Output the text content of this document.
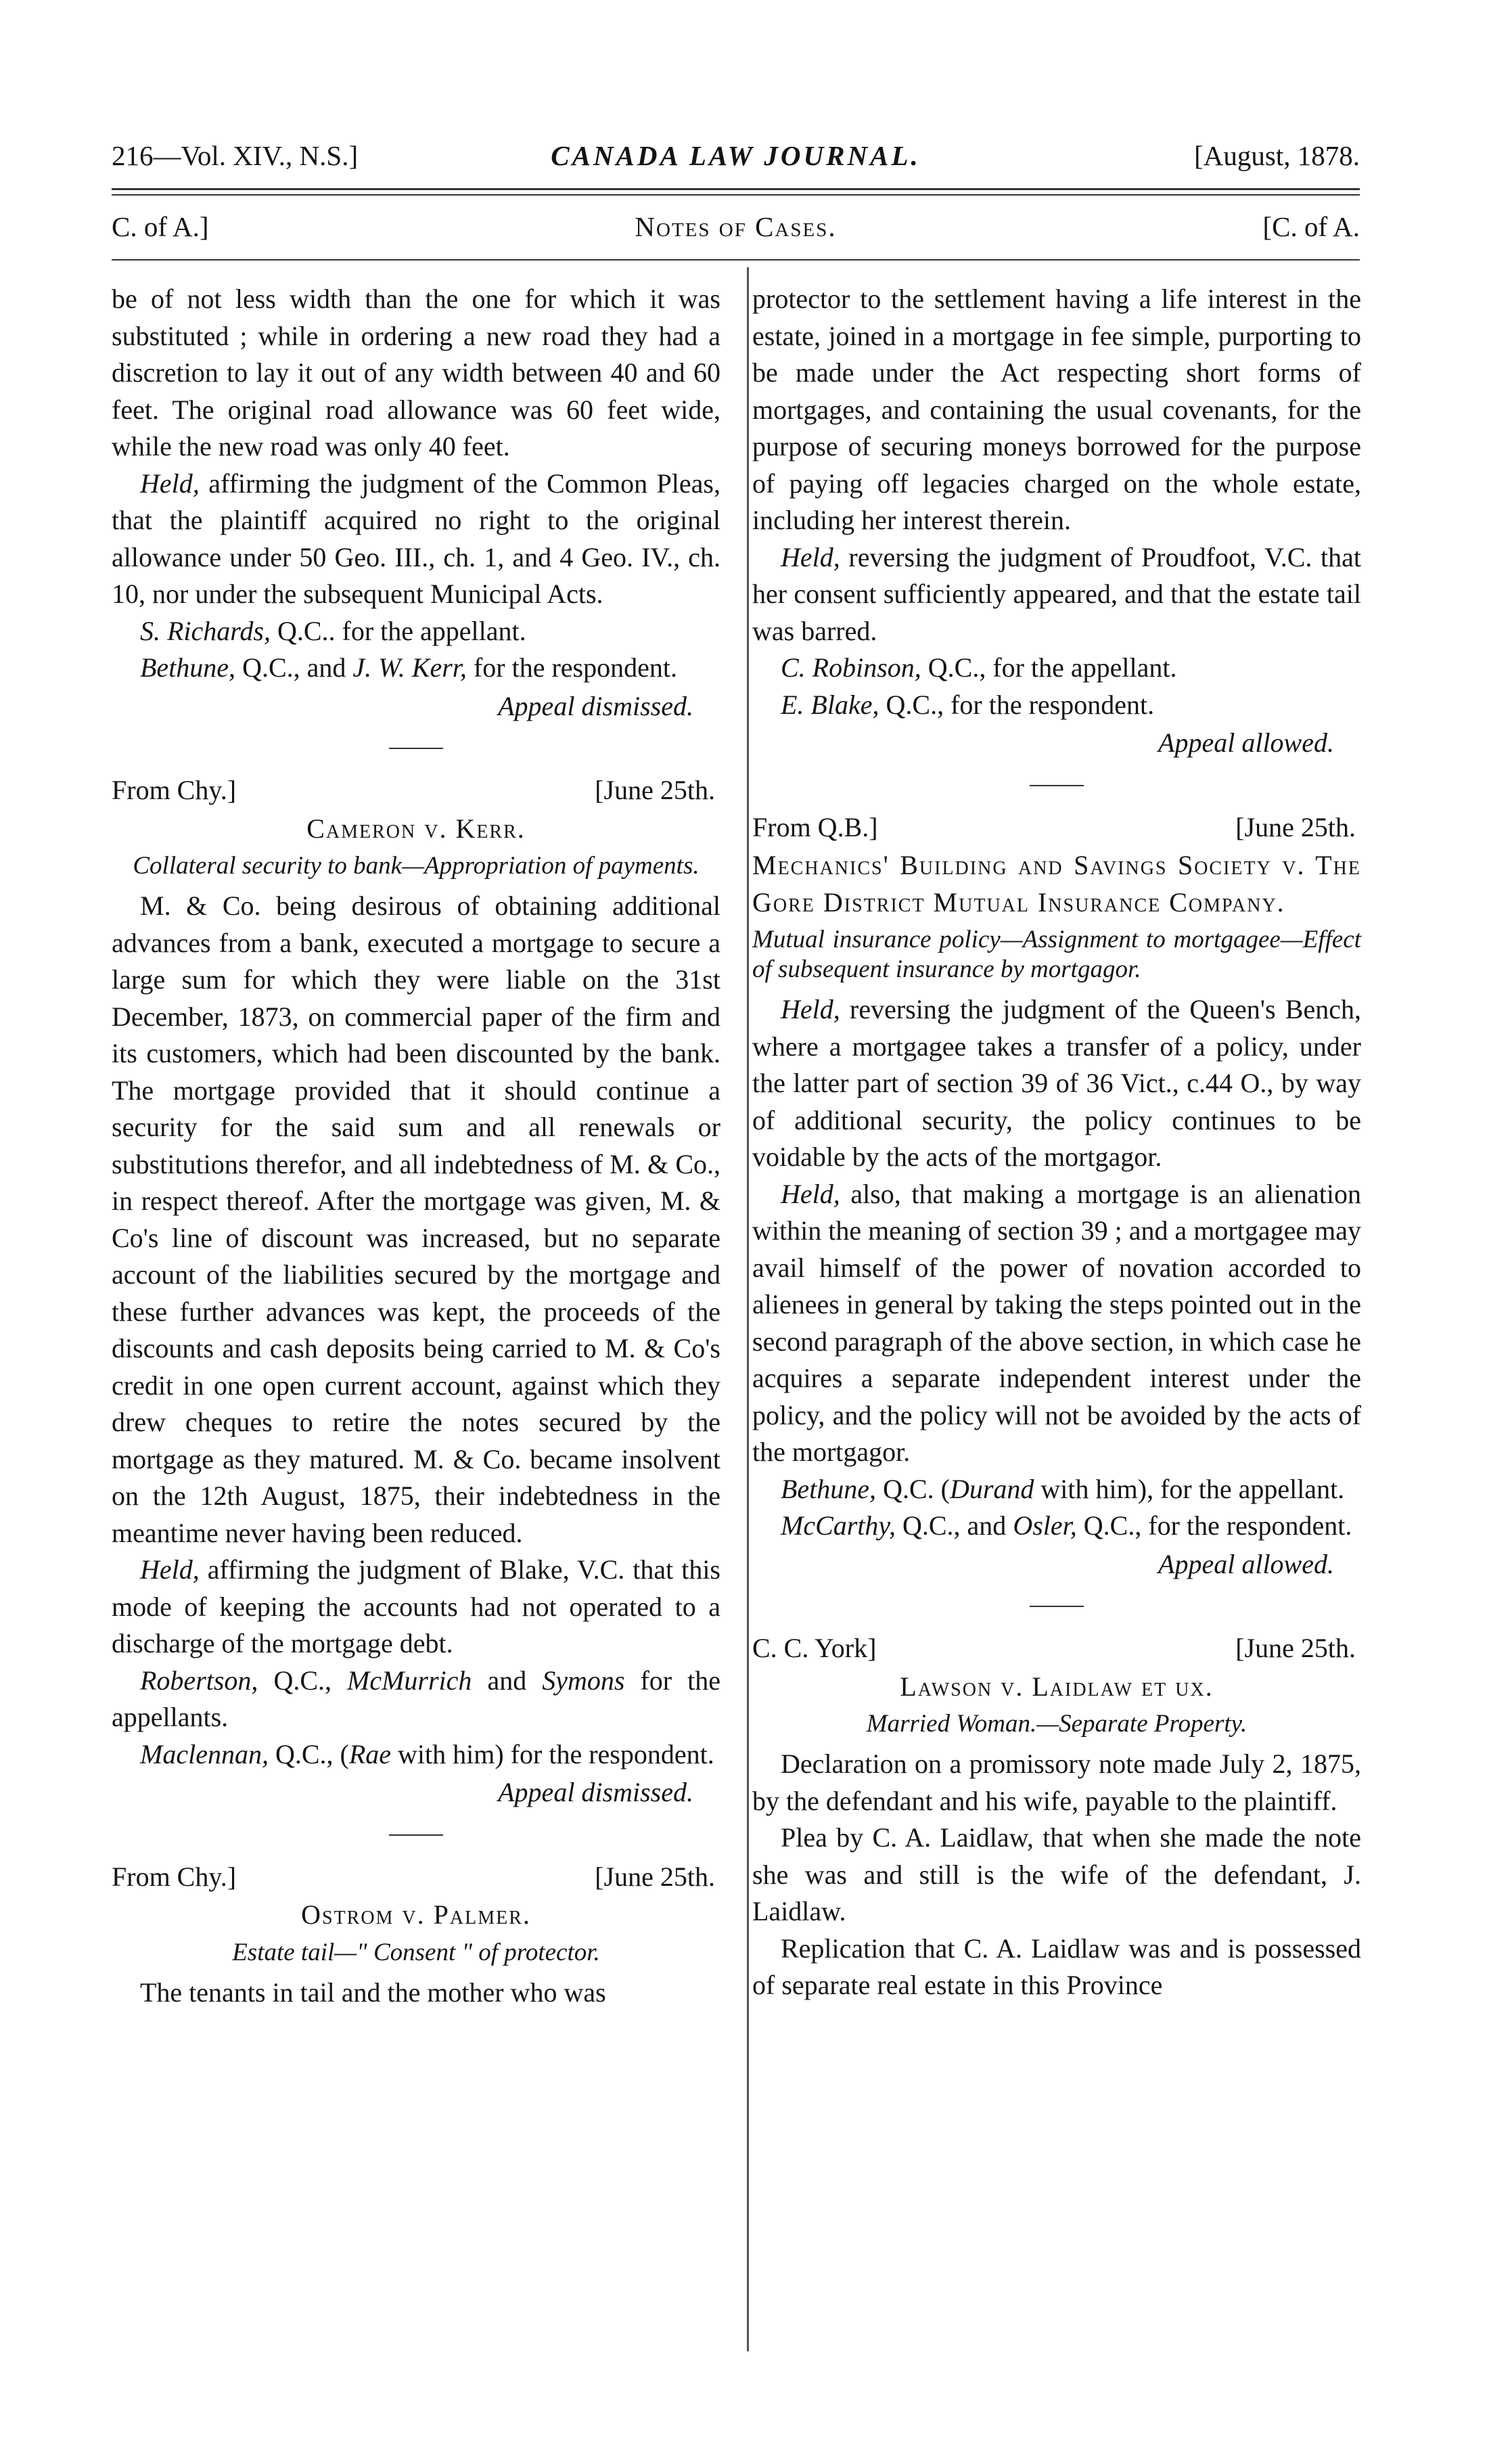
216—Vol. XIV., N.S.]	CANADA LAW JOURNAL.	[August, 1878.
C. of A.]	Notes of Cases.	[C. of A.

be of not less width than the one for which it was substituted ; while in ordering a new road they had a discretion to lay it out of any width between 40 and 60 feet. The original road allowance was 60 feet wide, while the new road was only 40 feet.

Held, affirming the judgment of the Common Pleas, that the plaintiff acquired no right to the original allowance under 50 Geo. III., ch. 1, and 4 Geo. IV., ch. 10, nor under the subsequent Municipal Acts.

S. Richards, Q.C.. for the appellant.

Bethune, Q.C., and J. W. Kerr, for the respondent.

Appeal dismissed.

From Chy.]	[June 25th.

Cameron v. Kerr.

Collateral security to bank—Appropriation of payments.

M. & Co. being desirous of obtaining additional advances from a bank, executed a mortgage to secure a large sum for which they were liable on the 31st December, 1873, on commercial paper of the firm and its customers, which had been discounted by the bank. The mortgage provided that it should continue a security for the said sum and all renewals or substitutions therefor, and all indebtedness of M. & Co., in respect thereof. After the mortgage was given, M. & Co's line of discount was increased, but no separate account of the liabilities secured by the mortgage and these further advances was kept, the proceeds of the discounts and cash deposits being carried to M. & Co's credit in one open current account, against which they drew cheques to retire the notes secured by the mortgage as they matured. M. & Co. became insolvent on the 12th August, 1875, their indebtedness in the meantime never having been reduced.

Held, affirming the judgment of Blake, V.C. that this mode of keeping the accounts had not operated to a discharge of the mortgage debt.

Robertson, Q.C., McMurrich and Symons for the appellants.

Maclennan, Q.C., (Rae with him) for the respondent.

Appeal dismissed.

From Chy.]	[June 25th.

Ostrom v. Palmer.

Estate tail—" Consent " of protector.

The tenants in tail and the mother who was

protector to the settlement having a life interest in the estate, joined in a mortgage in fee simple, purporting to be made under the Act respecting short forms of mortgages, and containing the usual covenants, for the purpose of securing moneys borrowed for the purpose of paying off legacies charged on the whole estate, including her interest therein.

Held, reversing the judgment of Proudfoot, V.C. that her consent sufficiently appeared, and that the estate tail was barred.

C. Robinson, Q.C., for the appellant.

E. Blake, Q.C., for the respondent.

Appeal allowed.

From Q.B.]	[June 25th.

Mechanics' Building and Savings Society v. The Gore District Mutual Insurance Company.

Mutual insurance policy—Assignment to mortgagee—Effect of subsequent insurance by mortgagor.

Held, reversing the judgment of the Queen's Bench, where a mortgagee takes a transfer of a policy, under the latter part of section 39 of 36 Vict., c.44 O., by way of additional security, the policy continues to be voidable by the acts of the mortgagor.

Held, also, that making a mortgage is an alienation within the meaning of section 39 ; and a mortgagee may avail himself of the power of novation accorded to alienees in general by taking the steps pointed out in the second paragraph of the above section, in which case he acquires a separate independent interest under the policy, and the policy will not be avoided by the acts of the mortgagor.

Bethune, Q.C. (Durand with him), for the appellant.

McCarthy, Q.C., and Osler, Q.C., for the respondent.

Appeal allowed.

C. C. York]	[June 25th.

Lawson v. Laidlaw et ux.

Married Woman.—Separate Property.

Declaration on a promissory note made July 2, 1875, by the defendant and his wife, payable to the plaintiff.

Plea by C. A. Laidlaw, that when she made the note she was and still is the wife of the defendant, J. Laidlaw.

Replication that C. A. Laidlaw was and is possessed of separate real estate in this Province
